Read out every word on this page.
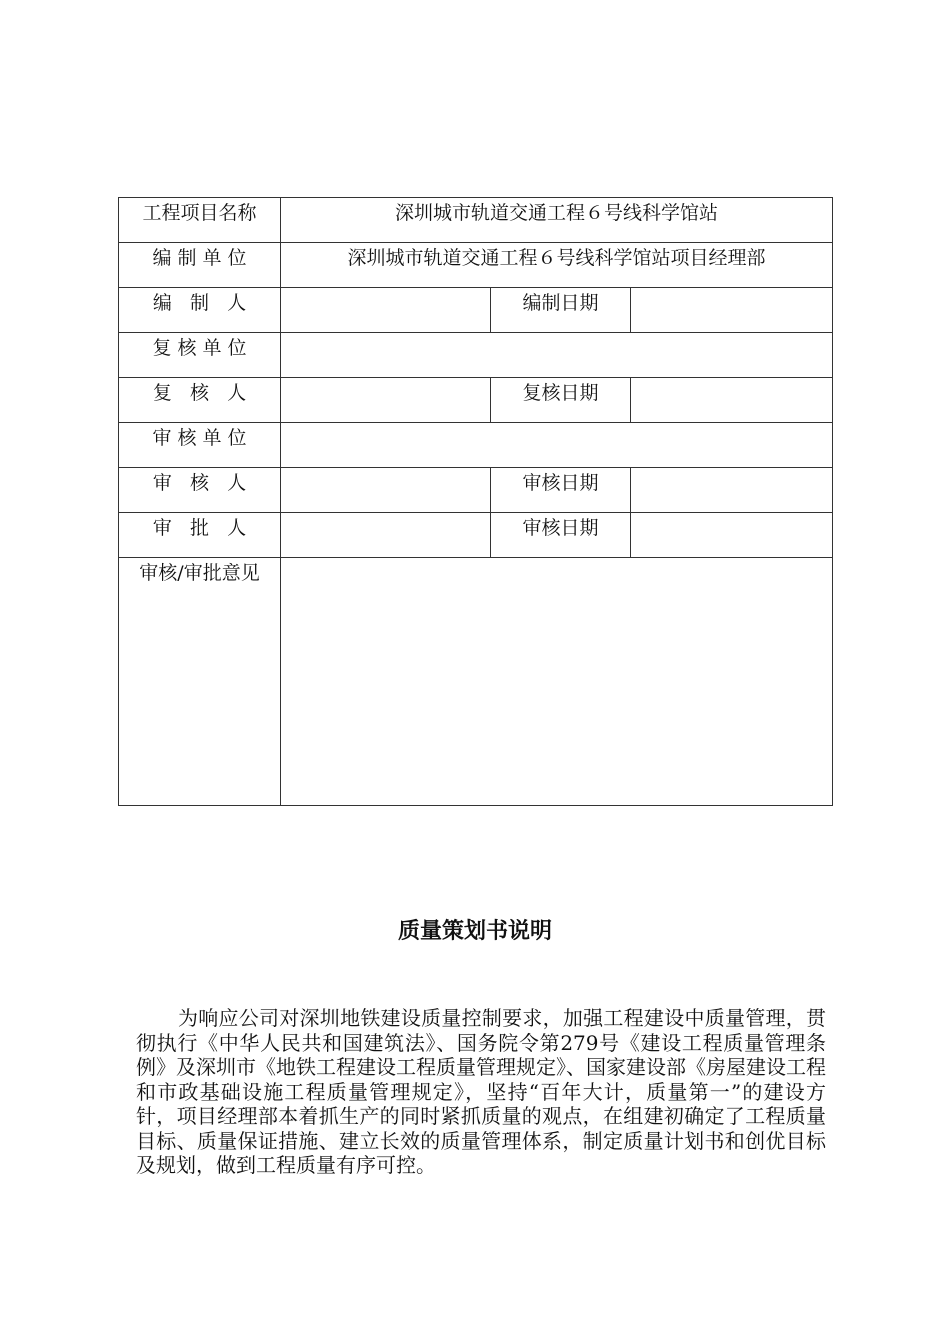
工程项目名称	深圳城市轨道交通工程６号线科学馆站		
编 制 单 位	深圳城市轨道交通工程６号线科学馆站项目经理部		
编   制   人		编制日期	
复 核 单 位			
复   核   人		复核日期	
审 核 单 位			
审   核   人		审核日期	
审   批   人		审核日期	
审核/审批意见			
质量策划书说明

为响应公司对深圳地铁建设质量控制要求，加强工程建设中质量管理，贯彻执行《中华人民共和国建筑法》、国务院令第279号《建设工程质量管理条例》及深圳市《地铁工程建设工程质量管理规定》、国家建设部《房屋建设工程和市政基础设施工程质量管理规定》，坚持“百年大计，质量第一”的建设方针，项目经理部本着抓生产的同时紧抓质量的观点，在组建初确定了工程质量目标、质量保证措施、建立长效的质量管理体系，制定质量计划书和创优目标及规划，做到工程质量有序可控。
